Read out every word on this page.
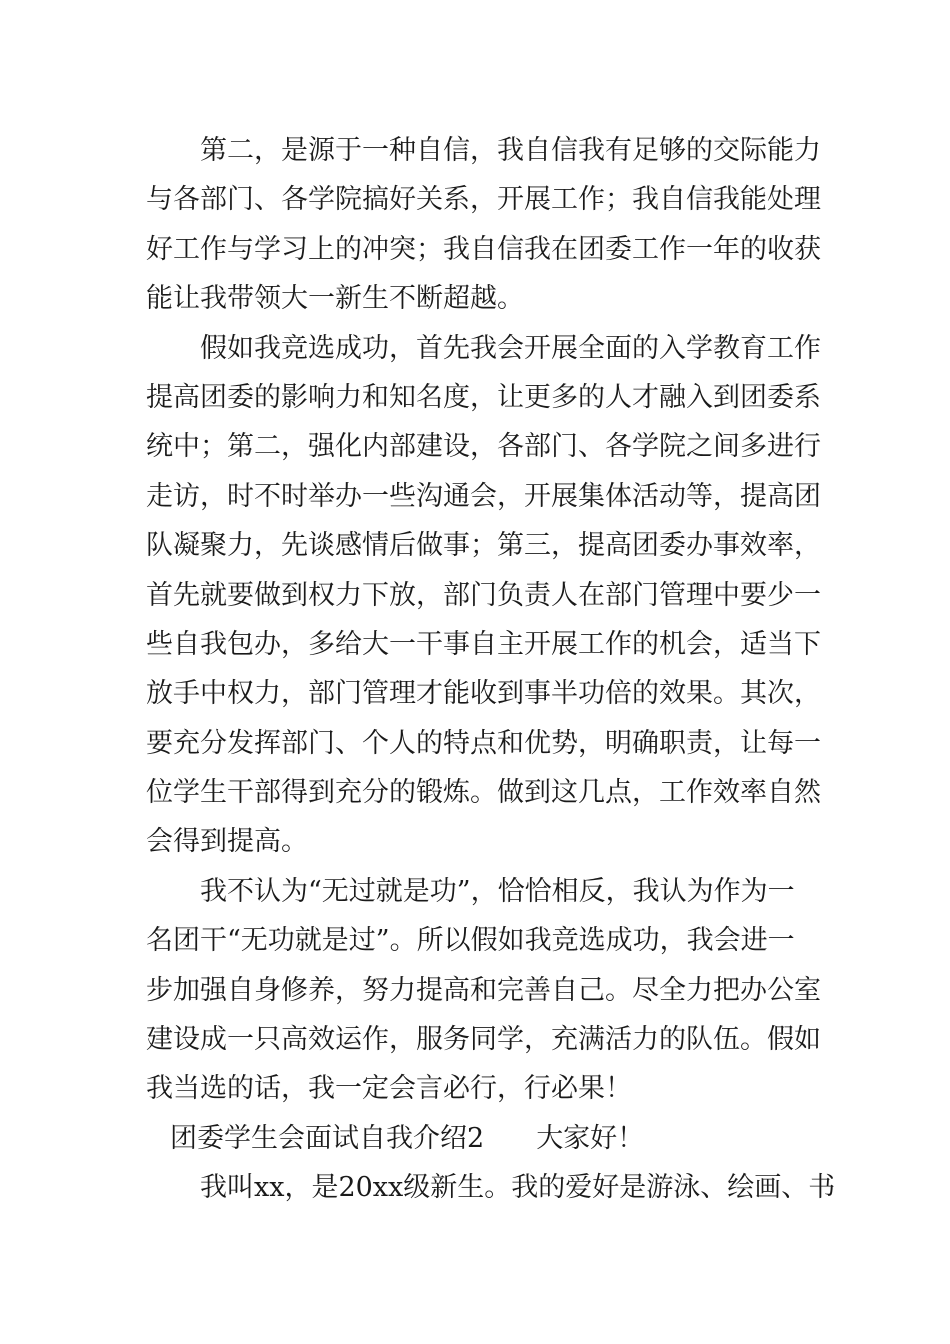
第二，是源于一种自信，我自信我有足够的交际能力
与各部门、各学院搞好关系，开展工作；我自信我能处理
好工作与学习上的冲突；我自信我在团委工作一年的收获
能让我带领大一新生不断超越。
假如我竞选成功，首先我会开展全面的入学教育工作
提高团委的影响力和知名度，让更多的人才融入到团委系
统中；第二，强化内部建设，各部门、各学院之间多进行
走访，时不时举办一些沟通会，开展集体活动等，提高团
队凝聚力，先谈感情后做事；第三，提高团委办事效率，
首先就要做到权力下放，部门负责人在部门管理中要少一
些自我包办，多给大一干事自主开展工作的机会，适当下
放手中权力，部门管理才能收到事半功倍的效果。其次，
要充分发挥部门、个人的特点和优势，明确职责，让每一
位学生干部得到充分的锻炼。做到这几点，工作效率自然
会得到提高。
我不认为“无过就是功”，恰恰相反，我认为作为一
名团干“无功就是过”。所以假如我竞选成功，我会进一
步加强自身修养，努力提高和完善自己。尽全力把办公室
建设成一只高效运作，服务同学，充满活力的队伍。假如
我当选的话，我一定会言必行，行必果！
团委学生会面试自我介绍2 大家好！
我叫xx，是20xx级新生。我的爱好是游泳、绘画、书
